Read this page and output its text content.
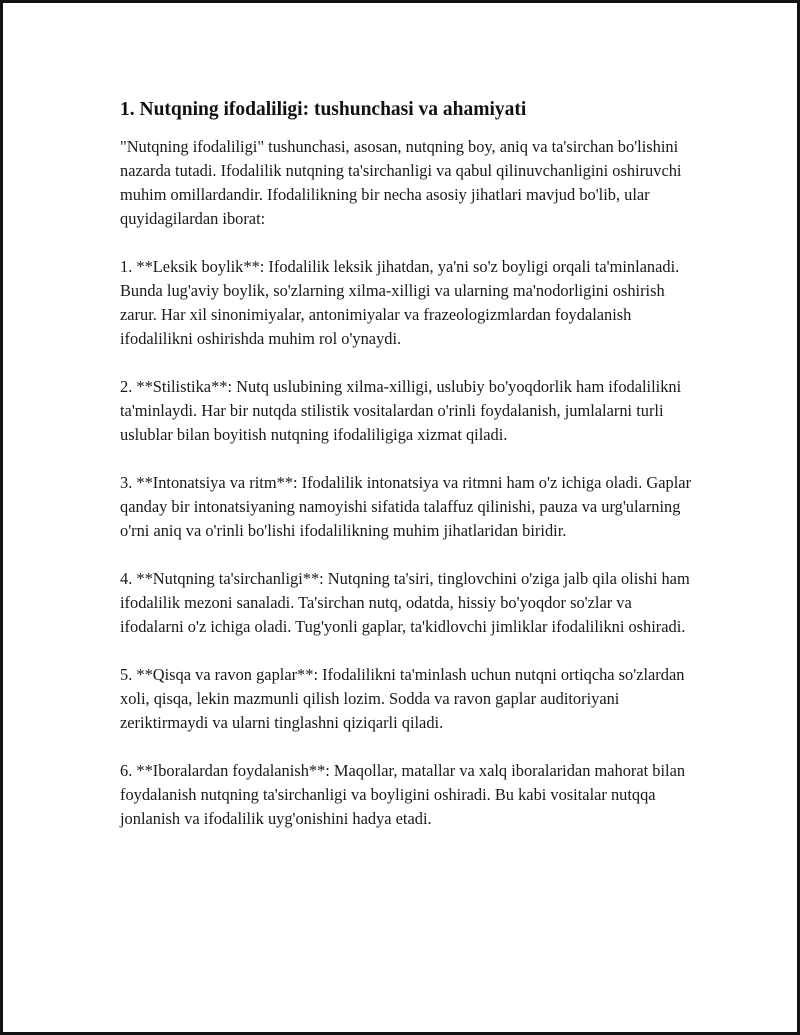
1. Nutqning ifodaliligi: tushunchasi va ahamiyati
"Nutqning ifodaliligi" tushunchasi, asosan, nutqning boy, aniq va ta'sirchan bo'lishini nazarda tutadi. Ifodalilik nutqning ta'sirchanligi va qabul qilinuvchanligini oshiruvchi muhim omillardandir. Ifodalilikning bir necha asosiy jihatlari mavjud bo'lib, ular quyidagilardan iborat:
1. **Leksik boylik**: Ifodalilik leksik jihatdan, ya'ni so'z boyligi orqali ta'minlanadi. Bunda lug'aviy boylik, so'zlarning xilma-xilligi va ularning ma'nodorligini oshirish zarur. Har xil sinonimiyalar, antonimiyalar va frazeologizmlardan foydalanish ifodalilikni oshirishda muhim rol o'ynaydi.
2. **Stilistika**: Nutq uslubining xilma-xilligi, uslubiy bo'yoqdorlik ham ifodalilikni ta'minlaydi. Har bir nutqda stilistik vositalardan o'rinli foydalanish, jumlalarni turli uslublar bilan boyitish nutqning ifodaliligiga xizmat qiladi.
3. **Intonatsiya va ritm**: Ifodalilik intonatsiya va ritmni ham o'z ichiga oladi. Gaplar qanday bir intonatsiyaning namoyishi sifatida talaffuz qilinishi, pauza va urg'ularning o'rni aniq va o'rinli bo'lishi ifodalilikning muhim jihatlaridan biridir.
4. **Nutqning ta'sirchanligi**: Nutqning ta'siri, tinglovchini o'ziga jalb qila olishi ham ifodalilik mezoni sanaladi. Ta'sirchan nutq, odatda, hissiy bo'yoqdor so'zlar va ifodalarni o'z ichiga oladi. Tug'yonli gaplar, ta'kidlovchi jimliklar ifodalilikni oshiradi.
5. **Qisqa va ravon gaplar**: Ifodalilikni ta'minlash uchun nutqni ortiqcha so'zlardan xoli, qisqa, lekin mazmunli qilish lozim. Sodda va ravon gaplar auditoriyani zeriktirmaydi va ularni tinglashni qiziqarli qiladi.
6. **Iboralardan foydalanish**: Maqollar, matallar va xalq iboralaridan mahorat bilan foydalanish nutqning ta'sirchanligi va boyligini oshiradi. Bu kabi vositalar nutqqa jonlanish va ifodalilik uyg'onishini hadya etadi.
